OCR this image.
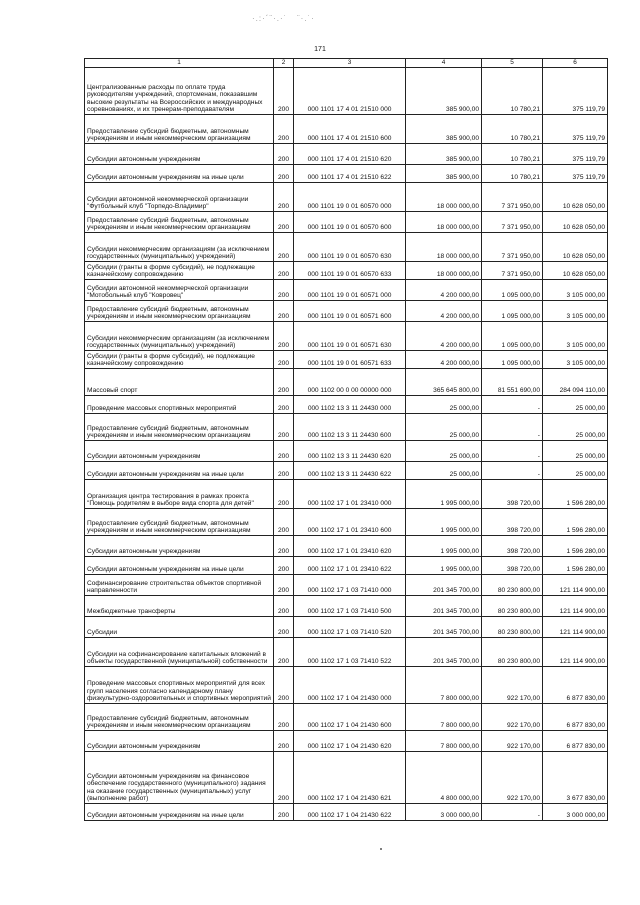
·.:·´¨·.·˙   ¨·.˙·
171
1	2	3	4	5	6
Централизованные расходы по оплате труда руководителям учреждений, спортсменам, показавшим высокие результаты на Всероссийских и международных соревнованиях, и их тренерам-преподавателям	200	000 1101 17 4 01 21510 000	385 900,00	10 780,21	375 119,79
Предоставление субсидий бюджетным, автономным учреждениям и иным некоммерческим организациям	200	000 1101 17 4 01 21510 600	385 900,00	10 780,21	375 119,79
Субсидии автономным учреждениям	200	000 1101 17 4 01 21510 620	385 900,00	10 780,21	375 119,79
Субсидии автономным учреждениям на иные цели	200	000 1101 17 4 01 21510 622	385 900,00	10 780,21	375 119,79
Субсидии автономной некоммерческой организации "Футбольный клуб "Торпедо-Владимир"	200	000 1101 19 0 01 60570 000	18 000 000,00	7 371 950,00	10 628 050,00
Предоставление субсидий бюджетным, автономным учреждениям и иным некоммерческим организациям	200	000 1101 19 0 01 60570 600	18 000 000,00	7 371 950,00	10 628 050,00
Субсидии некоммерческим организациям (за исключением государственных (муниципальных) учреждений)	200	000 1101 19 0 01 60570 630	18 000 000,00	7 371 950,00	10 628 050,00
Субсидии (гранты в форме субсидий), не подлежащие казначейскому сопровождению	200	000 1101 19 0 01 60570 633	18 000 000,00	7 371 950,00	10 628 050,00
Субсидии автономной некоммерческой организации "Мотобольный клуб "Ковровец"	200	000 1101 19 0 01 60571 000	4 200 000,00	1 095 000,00	3 105 000,00
Предоставление субсидий бюджетным, автономным учреждениям и иным некоммерческим организациям	200	000 1101 19 0 01 60571 600	4 200 000,00	1 095 000,00	3 105 000,00
Субсидии некоммерческим организациям (за исключением государственных (муниципальных) учреждений)	200	000 1101 19 0 01 60571 630	4 200 000,00	1 095 000,00	3 105 000,00
Субсидии (гранты в форме субсидий), не подлежащие казначейскому сопровождению	200	000 1101 19 0 01 60571 633	4 200 000,00	1 095 000,00	3 105 000,00
Массовый спорт	200	000 1102 00 0 00 00000 000	365 645 800,00	81 551 690,00	284 094 110,00
Проведение массовых спортивных мероприятий	200	000 1102 13 3 11 24430 000	25 000,00	-	25 000,00
Предоставление субсидий бюджетным, автономным учреждениям и иным некоммерческим организациям	200	000 1102 13 3 11 24430 600	25 000,00	-	25 000,00
Субсидии автономным учреждениям	200	000 1102 13 3 11 24430 620	25 000,00	-	25 000,00
Субсидии автономным учреждениям на иные цели	200	000 1102 13 3 11 24430 622	25 000,00	-	25 000,00
Организация центра тестирования в рамках проекта "Помощь родителям в выборе вида спорта для детей"	200	000 1102 17 1 01 23410 000	1 995 000,00	398 720,00	1 596 280,00
Предоставление субсидий бюджетным, автономным учреждениям и иным некоммерческим организациям	200	000 1102 17 1 01 23410 600	1 995 000,00	398 720,00	1 596 280,00
Субсидии автономным учреждениям	200	000 1102 17 1 01 23410 620	1 995 000,00	398 720,00	1 596 280,00
Субсидии автономным учреждениям на иные цели	200	000 1102 17 1 01 23410 622	1 995 000,00	398 720,00	1 596 280,00
Софинансирование строительства объектов спортивной направленности	200	000 1102 17 1 03 71410 000	201 345 700,00	80 230 800,00	121 114 900,00
Межбюджетные трансферты	200	000 1102 17 1 03 71410 500	201 345 700,00	80 230 800,00	121 114 900,00
Субсидии	200	000 1102 17 1 03 71410 520	201 345 700,00	80 230 800,00	121 114 900,00
Субсидии на софинансирование капитальных вложений в объекты государственной (муниципальной) собственности	200	000 1102 17 1 03 71410 522	201 345 700,00	80 230 800,00	121 114 900,00
Проведение массовых спортивных мероприятий для всех групп населения согласно календарному плану физкультурно-оздоровительных и спортивных мероприятий	200	000 1102 17 1 04 21430 000	7 800 000,00	922 170,00	6 877 830,00
Предоставление субсидий бюджетным, автономным учреждениям и иным некоммерческим организациям	200	000 1102 17 1 04 21430 600	7 800 000,00	922 170,00	6 877 830,00
Субсидии автономным учреждениям	200	000 1102 17 1 04 21430 620	7 800 000,00	922 170,00	6 877 830,00
Субсидии автономным учреждениям на финансовое обеспечение государственного (муниципального) задания на оказание государственных (муниципальных) услуг (выполнение работ)	200	000 1102 17 1 04 21430 621	4 800 000,00	922 170,00	3 677 830,00
Субсидии автономным учреждениям на иные цели	200	000 1102 17 1 04 21430 622	3 000 000,00	-	3 000 000,00
